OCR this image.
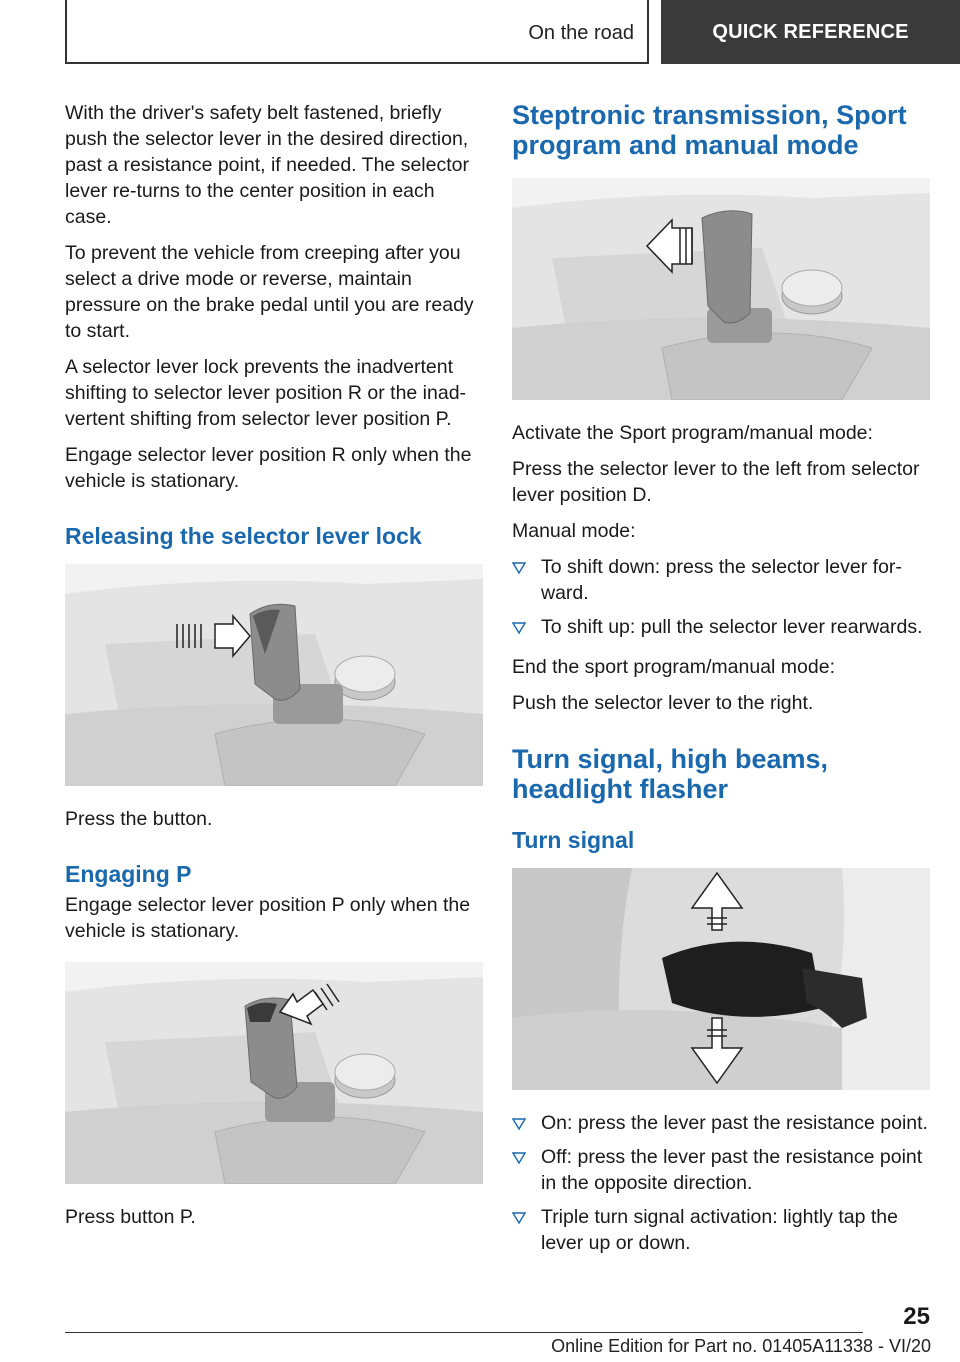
On the road	QUICK REFERENCE

With the driver's safety belt fastened, briefly push the selector lever in the desired direction, past a resistance point, if needed. The selector lever re‐turns to the center position in each case.

To prevent the vehicle from creeping after you select a drive mode or reverse, maintain pressure on the brake pedal until you are ready to start.

A selector lever lock prevents the inadvertent shifting to selector lever position R or the inad‐vertent shifting from selector lever position P.

Engage selector lever position R only when the vehicle is stationary.

Releasing the selector lever lock

Press the button.

Engaging P

Engage selector lever position P only when the vehicle is stationary.

Press button P.

Steptronic transmission, Sport program and manual mode

Activate the Sport program/manual mode:

Press the selector lever to the left from selector lever position D.

Manual mode:

To shift down: press the selector lever for‐ward.
To shift up: pull the selector lever rearwards.

End the sport program/manual mode:

Push the selector lever to the right.

Turn signal, high beams, headlight flasher
Turn signal
On: press the lever past the resistance point.
Off: press the lever past the resistance point in the opposite direction.
Triple turn signal activation: lightly tap the lever up or down.
25
Online Edition for Part no. 01405A11338 - VI/20
